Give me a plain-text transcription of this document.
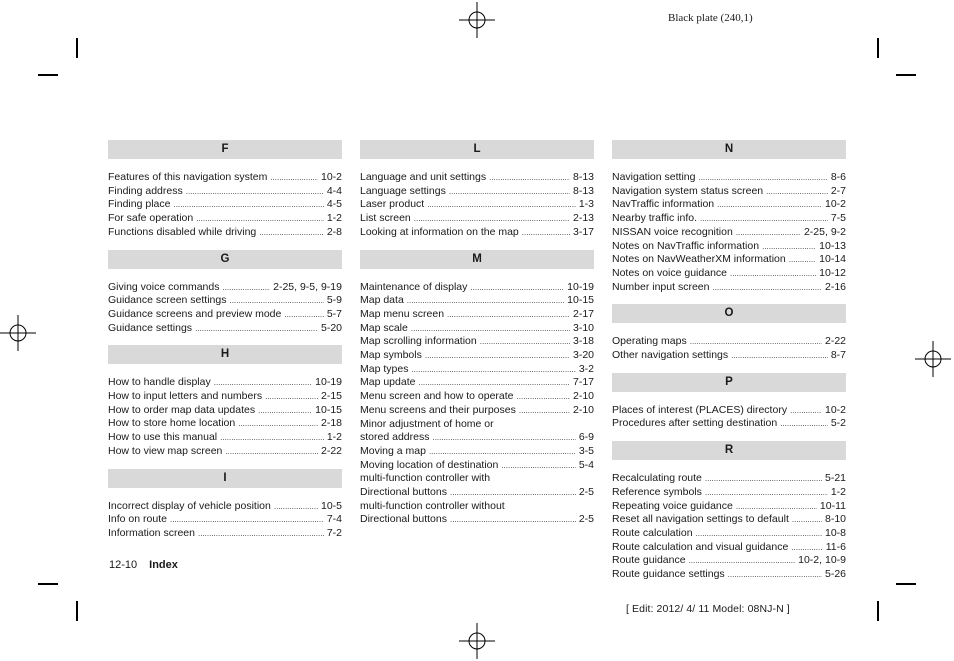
Black plate (240,1)
F
Features of this navigation system .....	10-2
Finding address .....	4-4
Finding place .....	4-5
For safe operation .....	1-2
Functions disabled while driving .....	2-8
G
Giving voice commands .....	2-25, 9-5, 9-19
Guidance screen settings .....	5-9
Guidance screens and preview mode .....	5-7
Guidance settings .....	5-20
H
How to handle display .....	10-19
How to input letters and numbers .....	2-15
How to order map data updates .....	10-15
How to store home location .....	2-18
How to use this manual .....	1-2
How to view map screen .....	2-22
I
Incorrect display of vehicle position .....	10-5
Info on route .....	7-4
Information screen .....	7-2
L
Language and unit settings .....	8-13
Language settings .....	8-13
Laser product .....	1-3
List screen .....	2-13
Looking at information on the map .....	3-17
M
Maintenance of display .....	10-19
Map data .....	10-15
Map menu screen .....	2-17
Map scale .....	3-10
Map scrolling information .....	3-18
Map symbols .....	3-20
Map types .....	3-2
Map update .....	7-17
Menu screen and how to operate .....	2-10
Menu screens and their purposes .....	2-10
Minor adjustment of home or
stored address .....	6-9
Moving a map .....	3-5
Moving location of destination .....	5-4
multi-function controller with
Directional buttons .....	2-5
multi-function controller without
Directional buttons .....	2-5
N
Navigation setting .....	8-6
Navigation system status screen .....	2-7
NavTraffic information .....	10-2
Nearby traffic info. .....	7-5
NISSAN voice recognition .....	2-25, 9-2
Notes on NavTraffic information .....	10-13
Notes on NavWeatherXM information .....	10-14
Notes on voice guidance .....	10-12
Number input screen .....	2-16
O
Operating maps .....	2-22
Other navigation settings .....	8-7
P
Places of interest (PLACES) directory .....	10-2
Procedures after setting destination .....	5-2
R
Recalculating route .....	5-21
Reference symbols .....	1-2
Repeating voice guidance .....	10-11
Reset all navigation settings to default .....	8-10
Route calculation .....	10-8
Route calculation and visual guidance .....	11-6
Route guidance .....	10-2, 10-9
Route guidance settings .....	5-26
12-10 Index
[ Edit: 2012/ 4/ 11 Model: 08NJ-N ]
